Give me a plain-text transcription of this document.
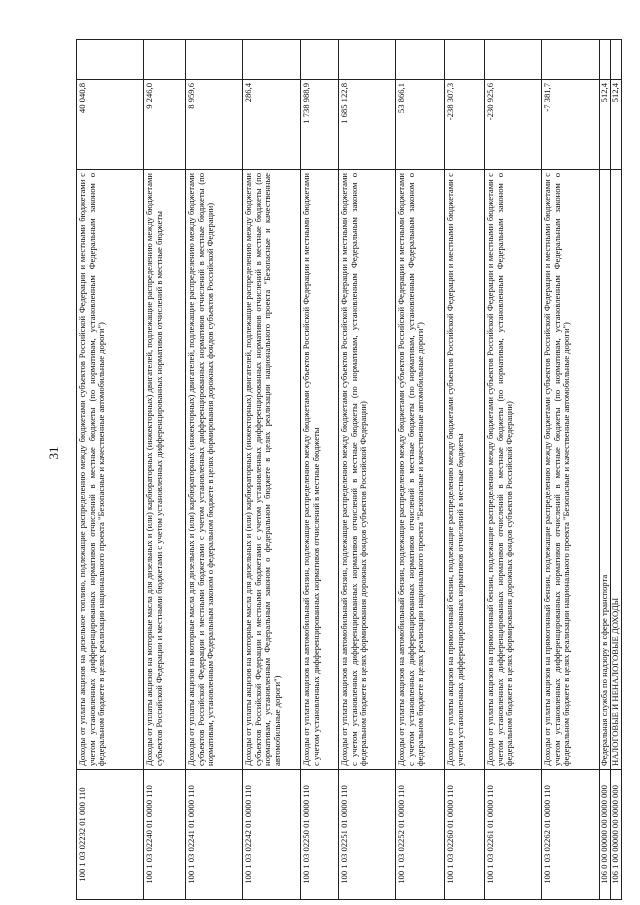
31
100 1 03 02232 01 000 110	Доходы от уплаты акцизов на дизельное топливо, подлежащие распределению между бюджетами субъектов Российской Федерации и местными бюджетами с учетом установленных дифференцированных нормативов отчислений в местные бюджеты (по нормативам, установленным Федеральным законом о федеральном бюджете в целях реализации национального проекта "Безопасные и качественные автомобильные дороги")	40 040,8	
100 1 03 02240 01 0000 110	Доходы от уплаты акцизов на моторные масла для дизельных и (или) карбюраторных (инжекторных) двигателей, подлежащие распределению между бюджетами субъектов Российской Федерации и местными бюджетами с учетом установленных дифференцированных нормативов отчислений в местные бюджеты	9 246,0	
100 1 03 02241 01 0000 110	Доходы от уплаты акцизов на моторные масла для дизельных и (или) карбюраторных (инжекторных) двигателей, подлежащие распределению между бюджетами субъектов Российской Федерации и местными бюджетами с учетом установленных дифференцированных нормативов отчислений в местные бюджеты (по нормативам, установленным Федеральным законом о федеральном бюджете в целях формирования дорожных фондов субъектов Российской Федерации)	8 959,6	
100 1 03 02242 01 0000 110	Доходы от уплаты акцизов на моторные масла для дизельных и (или) карбюраторных (инжекторных) двигателей, подлежащие распределению между бюджетами субъектов Российской Федерации и местными бюджетами с учетом установленных дифференцированных нормативов отчислений в местные бюджеты (по нормативам, установленным Федеральным законом о федеральном бюджете в целях реализации национального проекта "Безопасные и качественные автомобильные дороги")	286,4	
100 1 03 02250 01 0000 110	Доходы от уплаты акцизов на автомобильный бензин, подлежащие распределению между бюджетами субъектов Российской Федерации и местными бюджетами с учетом установленных дифференцированных нормативов отчислений в местные бюджеты	1 738 988,9	
100 1 03 02251 01 0000 110	Доходы от уплаты акцизов на автомобильный бензин, подлежащие распределению между бюджетами субъектов Российской Федерации и местными бюджетами с учетом установленных дифференцированных нормативов отчислений в местные бюджеты (по нормативам, установленным Федеральным законом о федеральном бюджете в целях формирования дорожных фондов субъектов Российской Федерации)	1 685 122,8	
100 1 03 02252 01 0000 110	Доходы от уплаты акцизов на автомобильный бензин, подлежащие распределению между бюджетами субъектов Российской Федерации и местными бюджетами с учетом установленных дифференцированных нормативов отчислений в местные бюджеты (по нормативам, установленным Федеральным законом о федеральном бюджете в целях реализации национального проекта "Безопасные и качественные автомобильные дороги")	53 866,1	
100 1 03 02260 01 0000 110	Доходы от уплаты акцизов на прямогонный бензин, подлежащие распределению между бюджетами субъектов Российской Федерации и местными бюджетами с учетом установленных дифференцированных нормативов отчислений в местные бюджеты	-238 307,3	
100 1 03 02261 01 0000 110	Доходы от уплаты акцизов на прямогонный бензин, подлежащие распределению между бюджетами субъектов Российской Федерации и местными бюджетами с учетом установленных дифференцированных нормативов отчислений в местные бюджеты (по нормативам, установленным Федеральным законом о федеральном бюджете в целях формирования дорожных фондов субъектов Российской Федерации)	-230 925,6	
100 1 03 02262 01 0000 110	Доходы от уплаты акцизов на прямогонный бензин, подлежащие распределению между бюджетами субъектов Российской Федерации и местными бюджетами с учетом установленных дифференцированных нормативов отчислений в местные бюджеты (по нормативам, установленным Федеральным законом о федеральном бюджете в целях реализации национального проекта "Безопасные и качественные автомобильные дороги")	-7 381,7	
106 0 00 00000 00 0000 000	Федеральная служба по надзору в сфере транспорта	512,4	
106 1 00 00000 00 0000 000	НАЛОГОВЫЕ И НЕНАЛОГОВЫЕ ДОХОДЫ	512,4	
